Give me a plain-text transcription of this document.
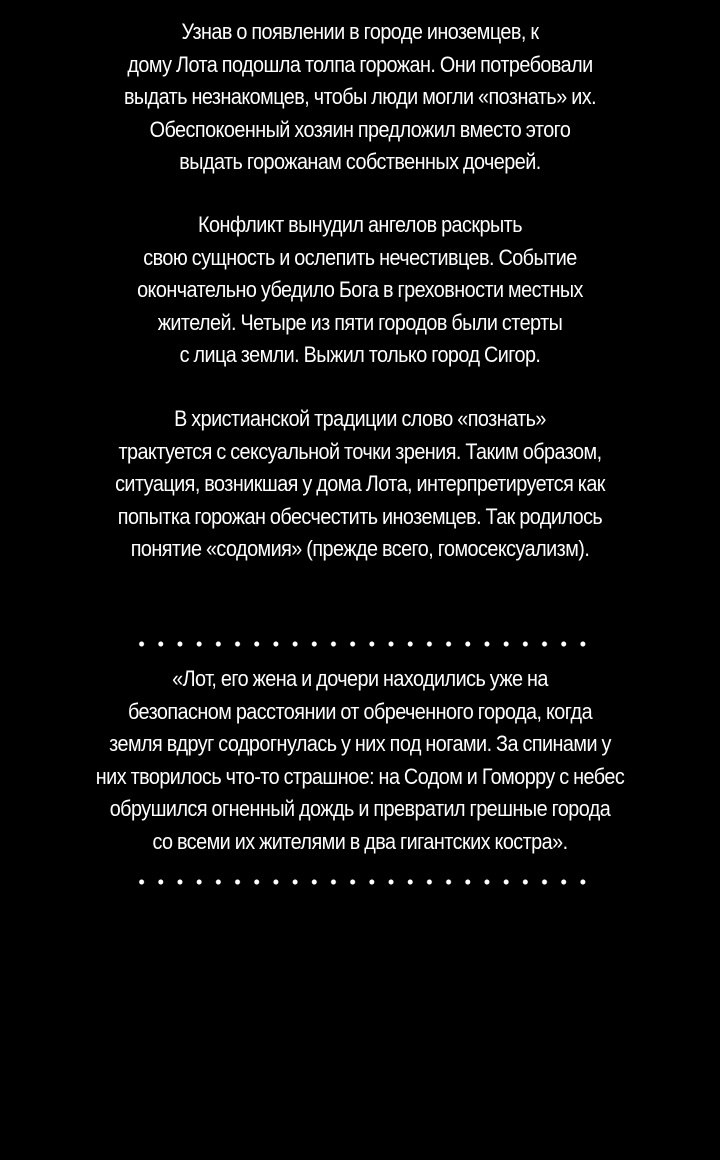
Узнав о появлении в городе иноземцев, к
дому Лота подошла толпа горожан. Они потребовали
выдать незнакомцев, чтобы люди могли «познать» их.
Обеспокоенный хозяин предложил вместо этого
выдать горожанам собственных дочерей.
Конфликт вынудил ангелов раскрыть
свою сущность и ослепить нечестивцев. Событие
окончательно убедило Бога в греховности местных
жителей. Четыре из пяти городов были стерты
с лица земли. Выжил только город Сигор.
В христианской традиции слово «познать»
трактуется с сексуальной точки зрения. Таким образом,
ситуация, возникшая у дома Лота, интерпретируется как
попытка горожан обесчестить иноземцев. Так родилось
понятие «содомия» (прежде всего, гомосексуализм).
«Лот, его жена и дочери находились уже на
безопасном расстоянии от обреченного города, когда
земля вдруг содрогнулась у них под ногами. За спинами у
них творилось что-то страшное: на Содом и Гоморру с небес
обрушился огненный дождь и превратил грешные города
со всеми их жителями в два гигантских костра».
